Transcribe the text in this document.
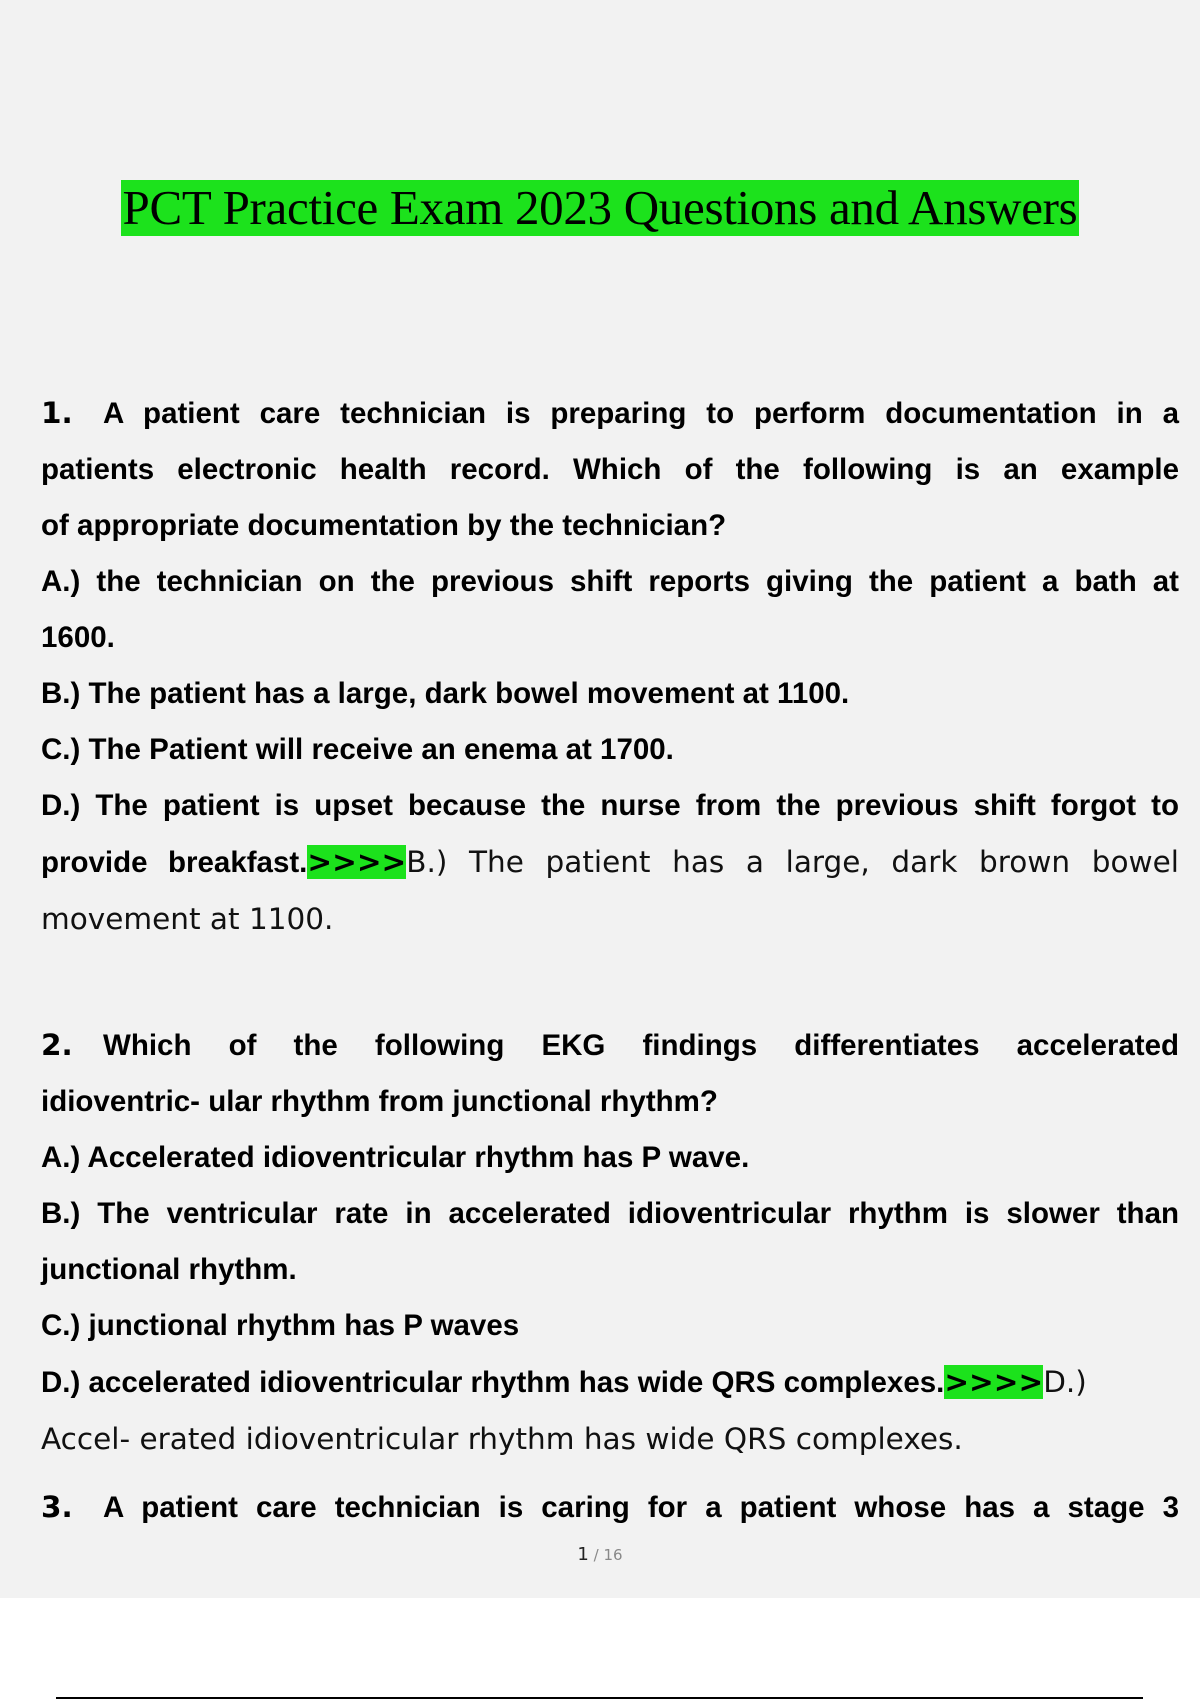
PCT Practice Exam 2023 Questions and Answers

1. A patient care technician is preparing to perform documentation in a

patients electronic health record. Which of the following is an example

of appropriate documentation by the technician?

A.) the technician on the previous shift reports giving the patient a bath at

1600.

B.) The patient has a large, dark bowel movement at 1100.

C.) The Patient will receive an enema at 1700.

D.) The patient is upset because the nurse from the previous shift forgot to

provide breakfast.>>>>B.) The patient has a large, dark brown bowel

movement at 1100.

2. Which of the following EKG findings differentiates accelerated

idioventric- ular rhythm from junctional rhythm?

A.) Accelerated idioventricular rhythm has P wave.

B.) The ventricular rate in accelerated idioventricular rhythm is slower than

junctional rhythm.

C.) junctional rhythm has P waves

D.) accelerated idioventricular rhythm has wide QRS complexes.>>>>D.)

Accel- erated idioventricular rhythm has wide QRS complexes.

3. A patient care technician is caring for a patient whose has a stage 3

1 / 16
